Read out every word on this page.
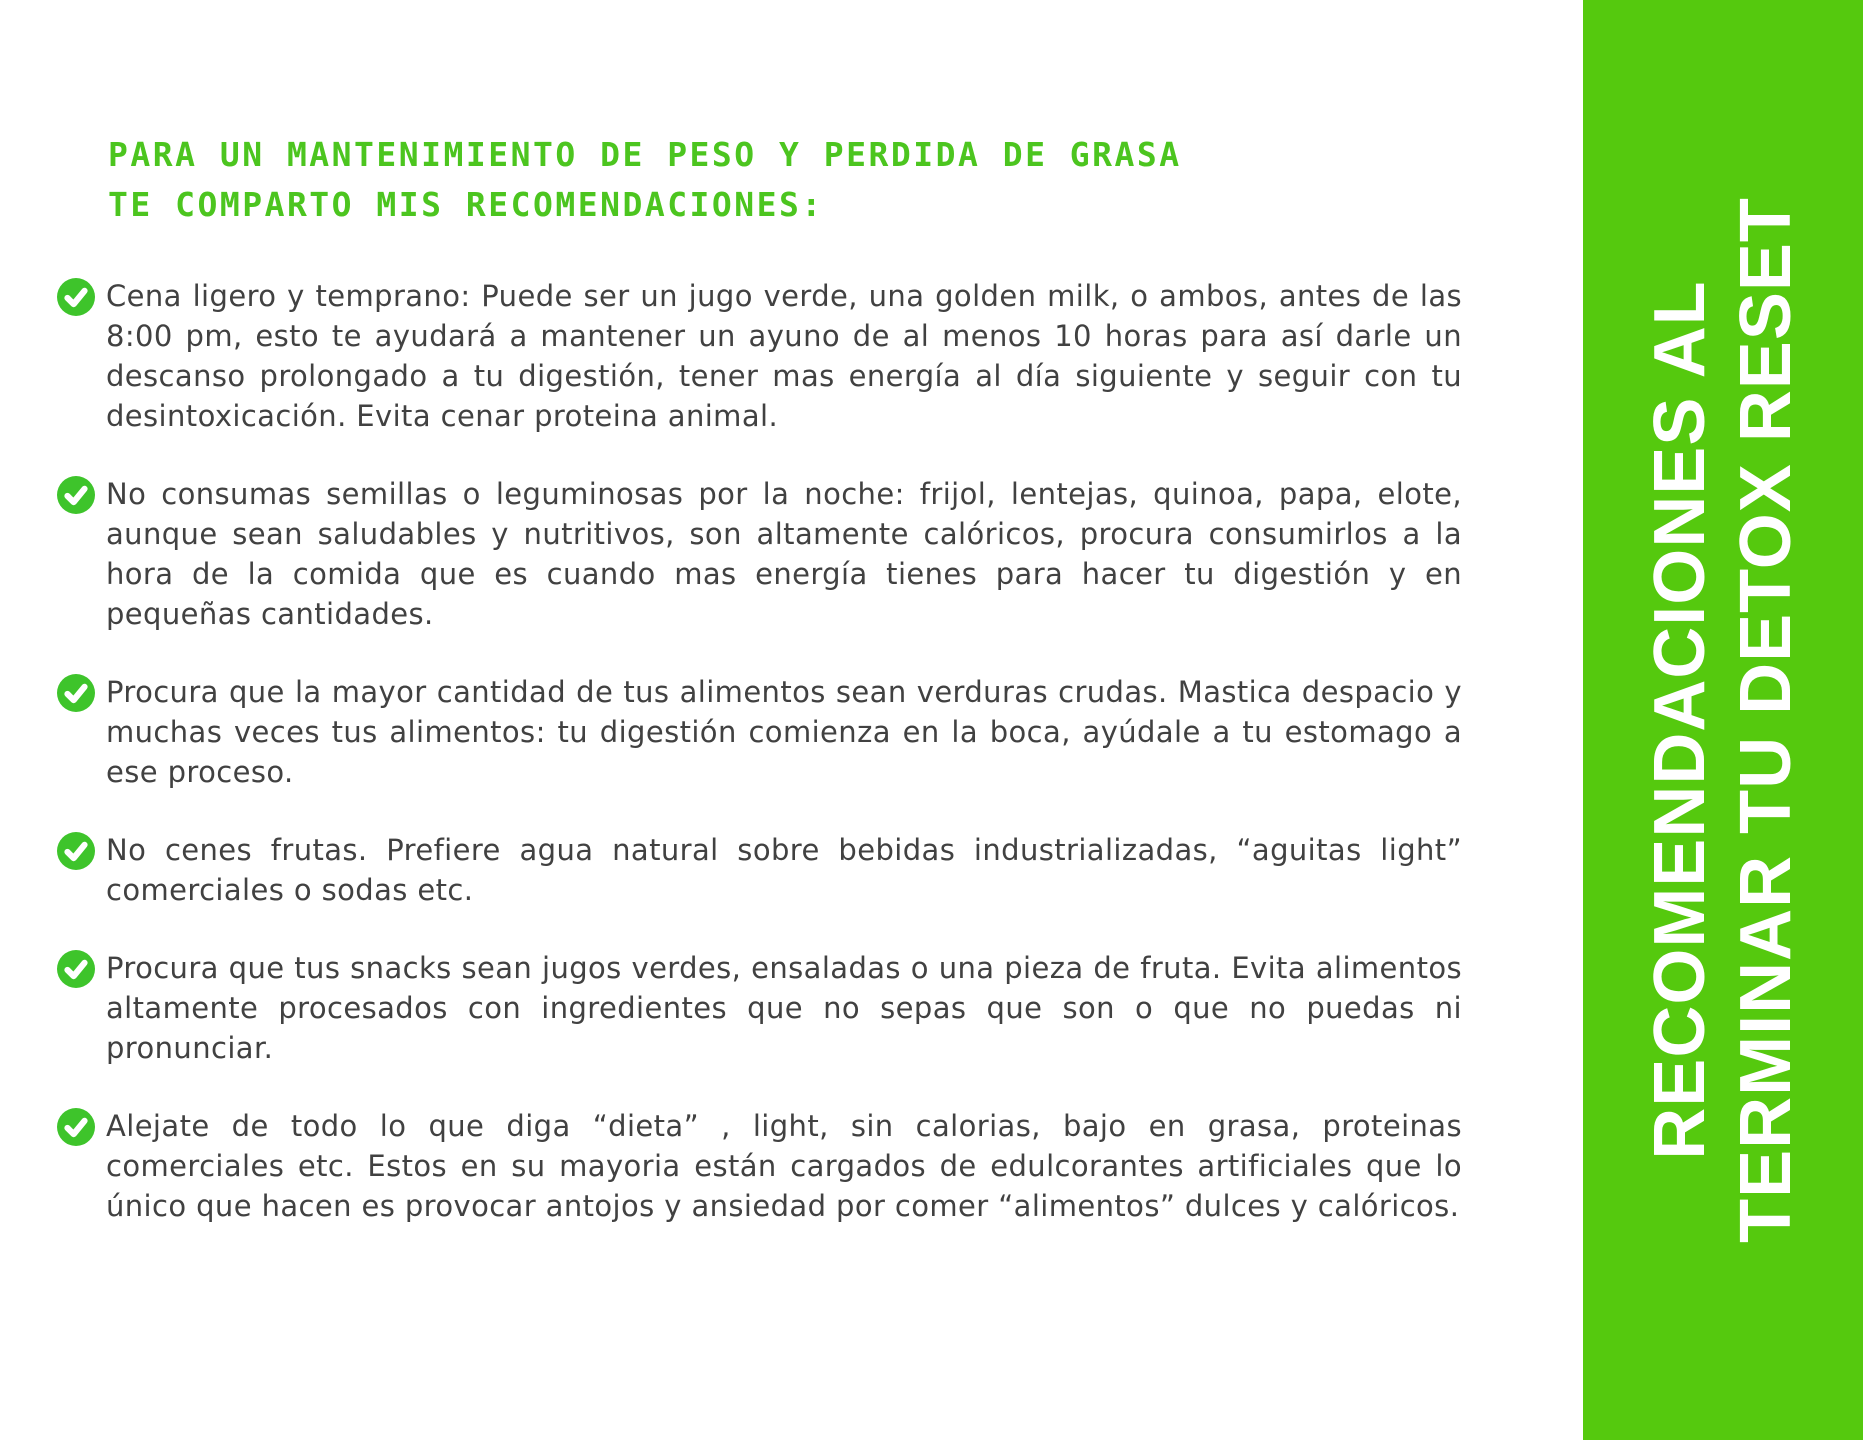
PARA UN MANTENIMIENTO DE PESO Y PERDIDA DE GRASA
TE COMPARTO MIS RECOMENDACIONES:

Cena ligero y temprano: Puede ser un jugo verde, una golden milk, o ambos, antes de las 8:00 pm, esto te ayudará a mantener un ayuno de al menos 10 horas para así darle un descanso prolongado a tu digestión, tener mas energía al día siguiente y seguir con tu desintoxicación. Evita cenar proteina animal.

No consumas semillas o leguminosas por la noche: frijol, lentejas, quinoa, papa, elote, aunque sean saludables y nutritivos, son altamente calóricos, procura consumirlos a la hora de la comida que es cuando mas energía tienes para hacer tu digestión y en pequeñas cantidades.

Procura que la mayor cantidad de tus alimentos sean verduras crudas. Mastica despacio y muchas veces tus alimentos: tu digestión comienza en la boca, ayúdale a tu estomago a ese proceso.

No cenes frutas. Prefiere agua natural sobre bebidas industrializadas, “aguitas light” comerciales o sodas etc.

Procura que tus snacks sean jugos verdes, ensaladas o una pieza de fruta. Evita alimentos altamente procesados con ingredientes que no sepas que son o que no puedas ni pronunciar.

Alejate de todo lo que diga “dieta” , light, sin calorias, bajo en grasa, proteinas comerciales etc. Estos en su mayoria están cargados de edulcorantes artificiales que lo único que hacen es provocar antojos y ansiedad por comer “alimentos” dulces y calóricos.

RECOMENDACIONES AL TERMINAR TU DETOX RESET
